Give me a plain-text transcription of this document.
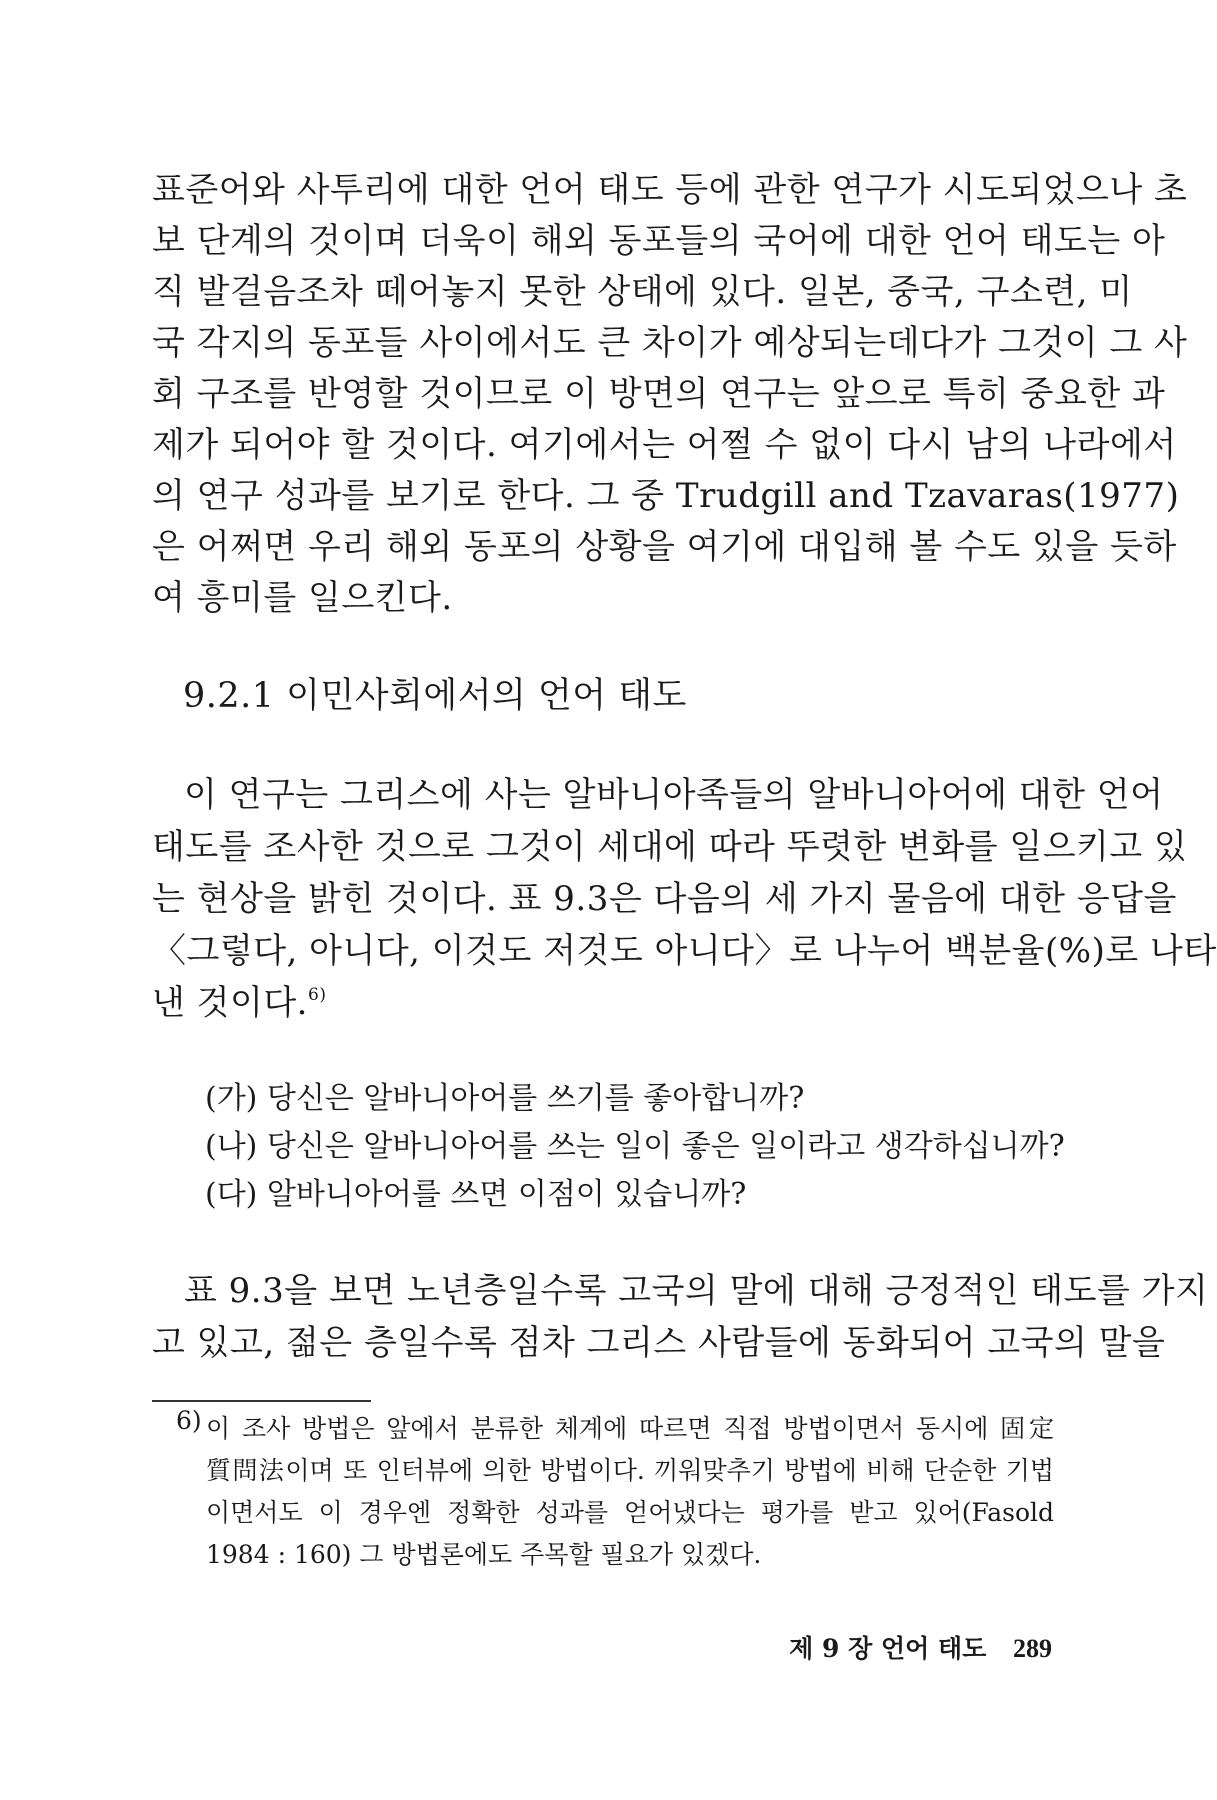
표준어와 사투리에 대한 언어 태도 등에 관한 연구가 시도되었으나 초
보 단계의 것이며 더욱이 해외 동포들의 국어에 대한 언어 태도는 아
직 발걸음조차 떼어놓지 못한 상태에 있다. 일본, 중국, 구소련, 미
국 각지의 동포들 사이에서도 큰 차이가 예상되는데다가 그것이 그 사
회 구조를 반영할 것이므로 이 방면의 연구는 앞으로 특히 중요한 과
제가 되어야 할 것이다. 여기에서는 어쩔 수 없이 다시 남의 나라에서
의 연구 성과를 보기로 한다. 그 중 Trudgill and Tzavaras(1977)
은 어쩌면 우리 해외 동포의 상황을 여기에 대입해 볼 수도 있을 듯하
여 흥미를 일으킨다.
9.2.1 이민사회에서의 언어 태도
이 연구는 그리스에 사는 알바니아족들의 알바니아어에 대한 언어
태도를 조사한 것으로 그것이 세대에 따라 뚜렷한 변화를 일으키고 있
는 현상을 밝힌 것이다. 표 9.3은 다음의 세 가지 물음에 대한 응답을
〈그렇다, 아니다, 이것도 저것도 아니다〉로 나누어 백분율(%)로 나타
낸 것이다.$^{6)}$
(가) 당신은 알바니아어를 쓰기를 좋아합니까?
(나) 당신은 알바니아어를 쓰는 일이 좋은 일이라고 생각하십니까?
(다) 알바니아어를 쓰면 이점이 있습니까?
표 9.3을 보면 노년층일수록 고국의 말에 대해 긍정적인 태도를 가지
고 있고, 젊은 층일수록 점차 그리스 사람들에 동화되어 고국의 말을
6) 이 조사 방법은 앞에서 분류한 체계에 따르면 직접 방법이면서 동시에 固定
質問法이며 또 인터뷰에 의한 방법이다. 끼워맞추기 방법에 비해 단순한 기법
이면서도 이 경우엔 정확한 성과를 얻어냈다는 평가를 받고 있어(Fasold
1984 : 160) 그 방법론에도 주목할 필요가 있겠다.
제 9 장 언어 태도 289
